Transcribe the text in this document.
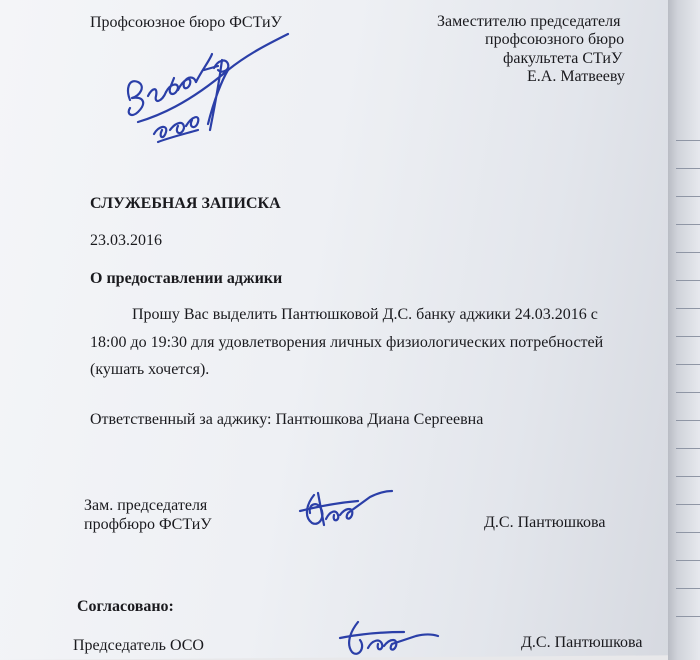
Профсоюзное бюро ФСТиУ	Заместителю председателя
профсоюзного бюро
факультета СТиУ
Е.А. Матвееву
СЛУЖЕБНАЯ ЗАПИСКА
23.03.2016
О предоставлении аджики
Прошу Вас выделить Пантюшковой Д.С. банку аджики 24.03.2016 с
18:00 до 19:30 для удовлетворения личных физиологических потребностей
(кушать хочется).
Ответственный за аджику: Пантюшкова Диана Сергеевна
Зам. председателя
профбюро ФСТиУ	Д.С. Пантюшкова
Согласовано:
Председатель ОСО	Д.С. Пантюшкова
